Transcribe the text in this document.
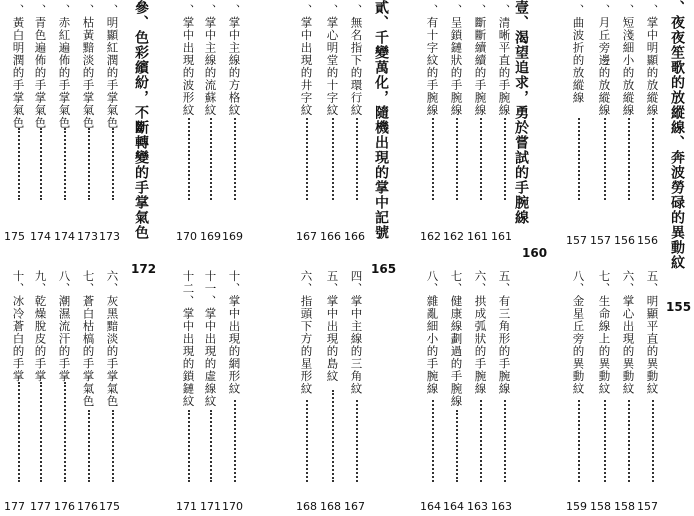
參、色彩繽紛，不斷轉變的手掌氣色
172
貳、千變萬化，隨機出現的掌中記號
165
壹、渴望追求，勇於嘗試的手腕線
160	、夜夜笙歌的放縱線、奔波勞碌的異動紋
155
、黃白明潤的手掌氣色
175
、青色遍佈的手掌氣色
174
、赤紅遍佈的手掌氣色
174
、枯黃黯淡的手掌氣色
173
、明顯紅潤的手掌氣色
173
、掌中出現的波形紋
170
、掌中主線的流蘇紋
169
、掌中主線的方格紋
169
、掌中出現的井字紋
167
、掌心明堂的十字紋
166
、無名指下的環行紋
166
、有十字紋的手腕線
162
、呈鎖鏈狀的手腕線
162
、斷斷續續的手腕線
161
、清晰平直的手腕線
161
、曲波折的放縱線
157
、月丘旁邊的放縱線
157
、短淺細小的放縱線
156
、掌中明顯的放縱線
156
十、冰冷蒼白的手掌
177
九、乾燥脫皮的手掌
177
八、潮濕流汗的手掌
176
七、蒼白枯槁的手掌氣色
176
六、灰黑黯淡的手掌氣色
175
十二、掌中出現的鎖鏈紋
171
十一、掌中出現的虛線紋
171
十、掌中出現的網形紋
170
六、指頭下方的星形紋
168
五、掌中出現的島紋
168
四、掌中主線的三角紋
167
八、雜亂細小的手腕線
164
七、健康線劃過的手腕線
164
六、拱成弧狀的手腕線
163
五、有三角形的手腕線
163
八、金星丘旁的異動紋
159
七、生命線上的異動紋
158
六、掌心出現的異動紋
158
五、明顯平直的異動紋
157
